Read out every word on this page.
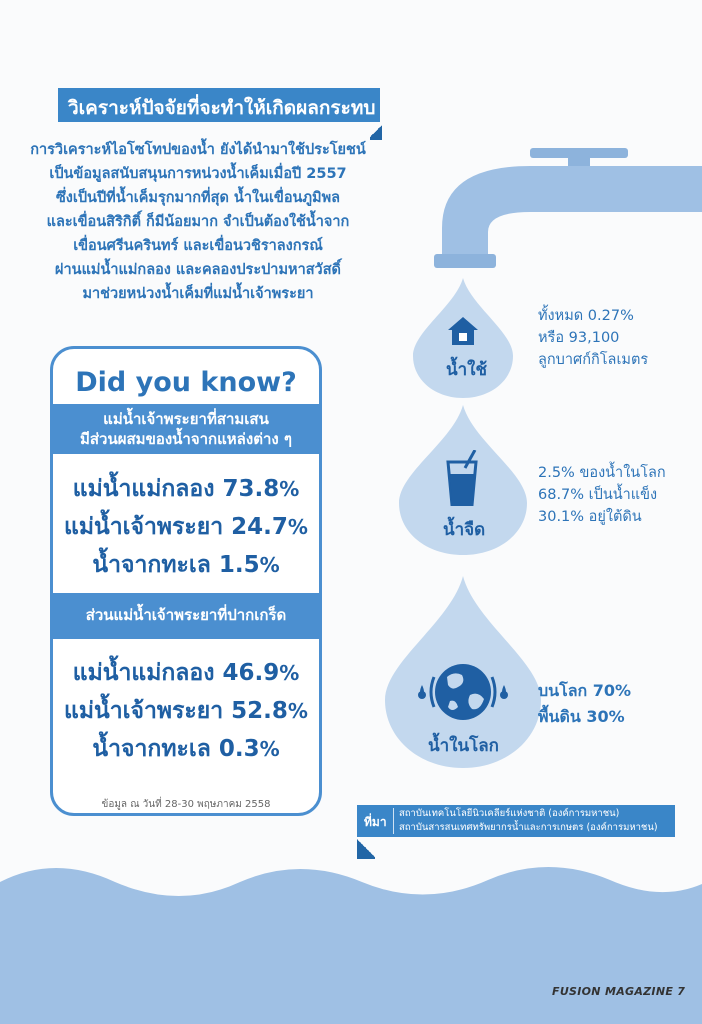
วิเคราะห์ปัจจัยที่จะทำให้เกิดผลกระทบ
การวิเคราะห์ไอโซโทปของน้ำ ยังได้นำมาใช้ประโยชน์
เป็นข้อมูลสนับสนุนการหน่วงน้ำเค็มเมื่อปี 2557
ซึ่งเป็นปีที่น้ำเค็มรุกมากที่สุด น้ำในเขื่อนภูมิพล
และเขื่อนสิริกิติ์ ก็มีน้อยมาก จำเป็นต้องใช้น้ำจาก
เขื่อนศรีนครินทร์ และเขื่อนวชิราลงกรณ์
ผ่านแม่น้ำแม่กลอง และคลองประปามหาสวัสดิ์
มาช่วยหน่วงน้ำเค็มที่แม่น้ำเจ้าพระยา
Did you know?
แม่น้ำเจ้าพระยาที่สามเสน
มีส่วนผสมของน้ำจากแหล่งต่าง ๆ
แม่น้ำแม่กลอง 73.8%
แม่น้ำเจ้าพระยา 24.7%
น้ำจากทะเล 1.5%
ส่วนแม่น้ำเจ้าพระยาที่ปากเกร็ด
แม่น้ำแม่กลอง 46.9%
แม่น้ำเจ้าพระยา 52.8%
น้ำจากทะเล 0.3%
ข้อมูล ณ วันที่ 28-30 พฤษภาคม 2558
น้ำใช้
ทั้งหมด 0.27%
หรือ 93,100
ลูกบาศก์กิโลเมตร
น้ำจืด
2.5% ของน้ำในโลก
68.7% เป็นน้ำแข็ง
30.1% อยู่ใต้ดิน
น้ำในโลก
บนโลก 70%
พื้นดิน 30%
ที่มา
สถาบันเทคโนโลยีนิวเคลียร์แห่งชาติ (องค์การมหาชน)
สถาบันสารสนเทศทรัพยากรน้ำและการเกษตร (องค์การมหาชน)
FUSION MAGAZINE 7
